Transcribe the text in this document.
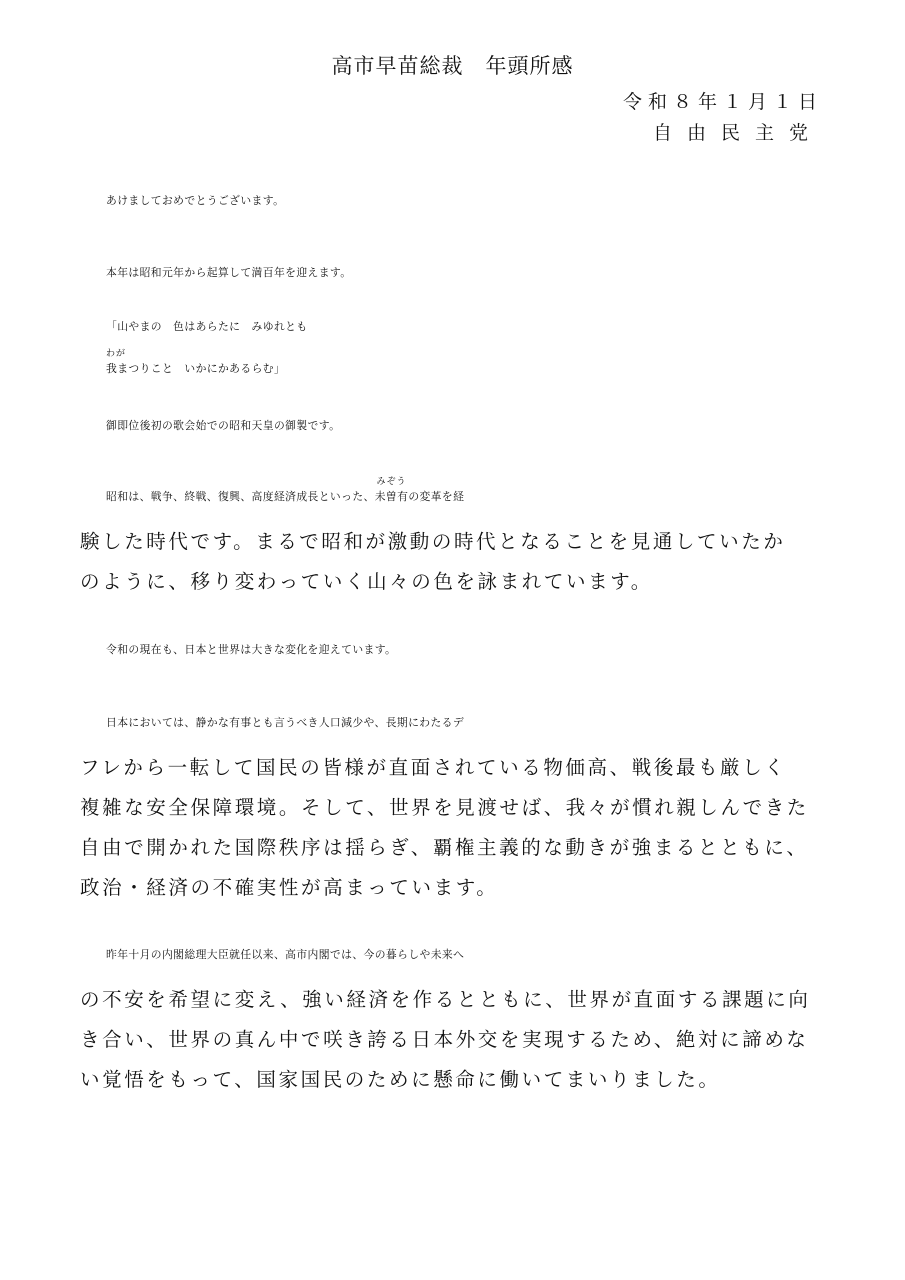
高市早苗総裁　年頭所感
令和８年１月１日
自由民主党
あけましておめでとうございます。
本年は昭和元年から起算して満百年を迎えます。
「山やまの　色はあらたに　みゆれとも
わが
我まつりこと　いかにかあるらむ」
御即位後初の歌会始での昭和天皇の御製です。
昭和は、戦争、終戦、復興、高度経済成長といった、
みぞう
未曽有の変革を経
験した時代です。まるで昭和が激動の時代となることを見通していたか
のように、移り変わっていく山々の色を詠まれています。
令和の現在も、日本と世界は大きな変化を迎えています。
日本においては、静かな有事とも言うべき人口減少や、長期にわたるデ
フレから一転して国民の皆様が直面されている物価高、戦後最も厳しく
複雑な安全保障環境。そして、世界を見渡せば、我々が慣れ親しんできた
自由で開かれた国際秩序は揺らぎ、覇権主義的な動きが強まるとともに、
政治・経済の不確実性が高まっています。
昨年十月の内閣総理大臣就任以来、高市内閣では、今の暮らしや未来へ
の不安を希望に変え、強い経済を作るとともに、世界が直面する課題に向
き合い、世界の真ん中で咲き誇る日本外交を実現するため、絶対に諦めな
い覚悟をもって、国家国民のために懸命に働いてまいりました。
